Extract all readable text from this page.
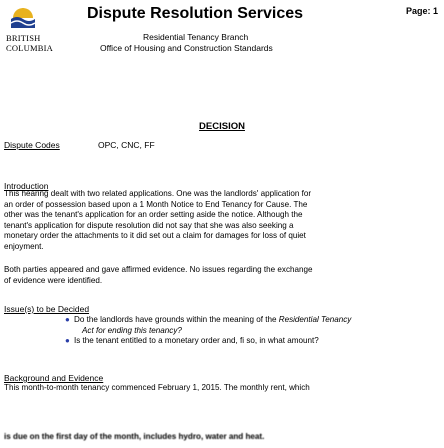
Dispute Resolution Services	Page: 1
BRITISH
COLUMBIA
Residential Tenancy Branch
Office of Housing and Construction Standards
DECISION
Dispute Codes	OPC, CNC, FF
Introduction
This hearing dealt with two related applications. One was the landlords' application for
an order of possession based upon a 1 Month Notice to End Tenancy for Cause. The
other was the tenant's application for an order setting aside the notice. Although the
tenant's application for dispute resolution did not say that she was also seeking a
monetary order the attachments to it did set out a claim for damages for loss of quiet
enjoyment.
Both parties appeared and gave affirmed evidence. No issues regarding the exchange
of evidence were identified.
Issue(s) to be Decided
● Do the landlords have grounds within the meaning of the Residential Tenancy
Act for ending this tenancy?
● Is the tenant entitled to a monetary order and, fi so, in what amount?
Background and Evidence
This month-to-month tenancy commenced February 1, 2015. The monthly rent, which
is due on the first day of the month, includes hydro, water and heat.
